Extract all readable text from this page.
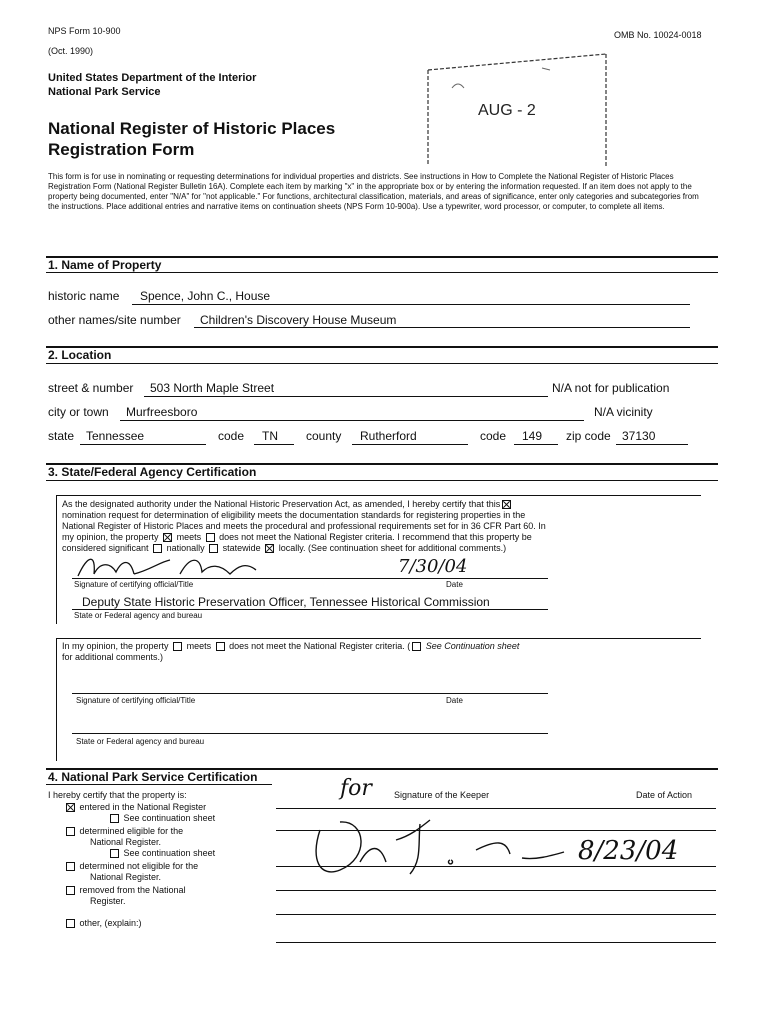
NPS Form 10-900
(Oct. 1990)
OMB No. 10024-0018
United States Department of the Interior
National Park Service
National Register of Historic Places
Registration Form
AUG - 2
This form is for use in nominating or requesting determinations for individual properties and districts. See instructions in How to Complete the National Register of Historic Places Registration Form (National Register Bulletin 16A). Complete each item by marking "x" in the appropriate box or by entering the information requested. If an item does not apply to the property being documented, enter "N/A" for "not applicable." For functions, architectural classification, materials, and areas of significance, enter only categories and subcategories from the instructions. Place additional entries and narrative items on continuation sheets (NPS Form 10-900a). Use a typewriter, word processor, or computer, to complete all items.
1. Name of Property
historic name Spence, John C., House
other names/site number Children's Discovery House Museum
2. Location
street & number 503 North Maple Street	N/A not for publication
city or town Murfreesboro	N/A vicinity
state Tennessee	code TN county Rutherford	code 149 zip code 37130
3. State/Federal Agency Certification
As the designated authority under the National Historic Preservation Act, as amended, I hereby certify that this
nomination request for determination of eligibility meets the documentation standards for registering properties in the
National Register of Historic Places and meets the procedural and professional requirements set for in 36 CFR Part 60. In
my opinion, the property meets does not meet the National Register criteria. I recommend that this property be
considered significant nationally statewide locally. (See continuation sheet for additional comments.)
7/30/04
Signature of certifying official/Title	Date
Deputy State Historic Preservation Officer, Tennessee Historical Commission
State or Federal agency and bureau
In my opinion, the property meets does not meet the National Register criteria. ( See Continuation sheet
for additional comments.)
Signature of certifying official/Title	Date
State or Federal agency and bureau
4. National Park Service Certification
I hereby certify that the property is:
entered in the National Register
See continuation sheet
determined eligible for the
National Register.
See continuation sheet
determined not eligible for the
National Register.
removed from the National
Register.
other, (explain:)
Signature of the Keeper	Date of Action
for
8/23/04
